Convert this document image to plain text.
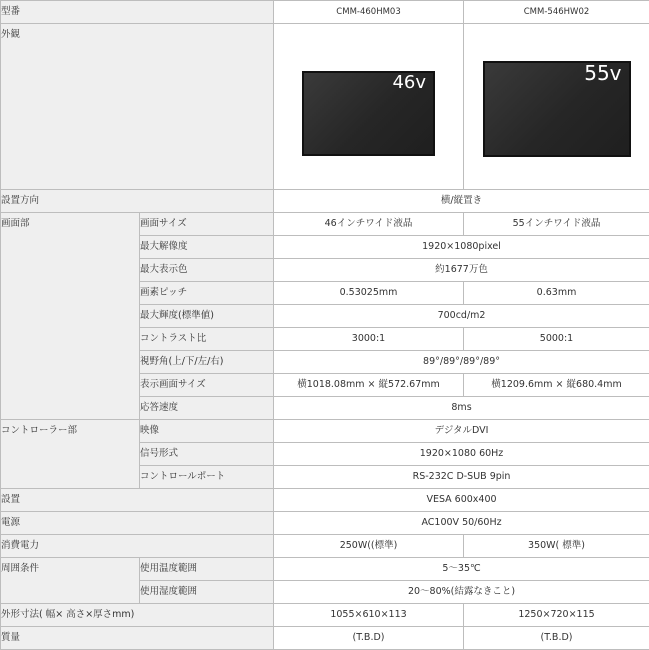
型番		CMM-460HM03	CMM-546HW02
外観		46v	55v

設置方向		横/縦置き	
画面部	画面サイズ	46インチワイド液晶	55インチワイド液晶
	最大解像度	1920×1080pixel	
	最大表示色	約1677万色	
	画素ピッチ	0.53025mm	0.63mm
	最大輝度(標準値)	700cd/m2	
	コントラスト比	3000:1	5000:1
	視野角(上/下/左/右)	89°/89°/89°/89°	
	表示画面サイズ	横1018.08mm × 縦572.67mm	横1209.6mm × 縦680.4mm
	応答速度	8ms	
コントローラー部	映像	デジタルDVI	
	信号形式	1920×1080 60Hz	
	コントロールポート	RS-232C D-SUB 9pin	
設置		VESA 600x400	
電源		AC100V 50/60Hz	
消費電力		250W((標準)	350W( 標準)
周囲条件	使用温度範囲	5〜35℃	
	使用湿度範囲	20〜80%(結露なきこと)	
外形寸法( 幅× 高さ×厚さmm)		1055×610×113	1250×720×115
質量		(T.B.D)	(T.B.D)
